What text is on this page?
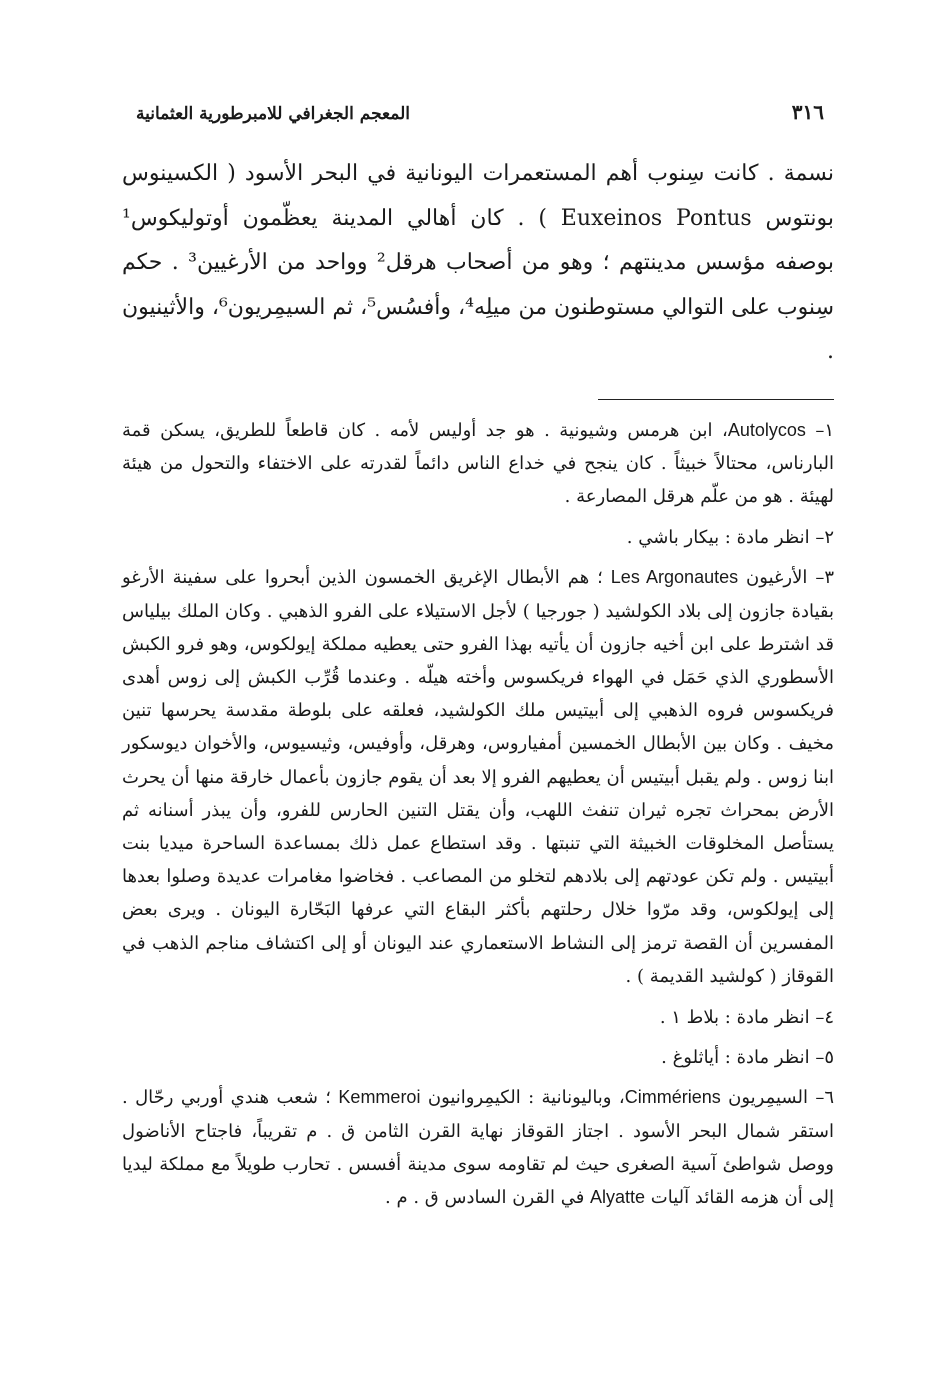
٣١٦
المعجم الجغرافي للامبرطورية العثمانية

نسمة . كانت سِنوب أهم المستعمرات اليونانية في البحر الأسود ( الكسينوس بونتوس Euxeinos Pontus ) . كان أهالي المدينة يعظّمون أوتوليكوس¹ بوصفه مؤسس مدينتهم ؛ وهو من أصحاب هرقل² وواحد من الأرغيين³ . حكم سِنوب على التوالي مستوطنون من ميلِه⁴، وأفسُس⁵، ثم السيمِريون⁶، والأثينيون .

١– Autolycos، ابن هرمس وشيونية . هو جد أوليس لأمه . كان قاطعاً للطريق، يسكن قمة البارناس، محتالاً خبيثاً . كان ينجح في خداع الناس دائماً لقدرته على الاختفاء والتحول من هيئة لهيئة . هو من علّم هرقل المصارعة .

٢– انظر مادة : بيكار باشي .

٣– الأرغيون Les Argonautes ؛ هم الأبطال الإغريق الخمسون الذين أبحروا على سفينة الأرغو بقيادة جازون إلى بلاد الكولشيد ( جورجيا ) لأجل الاستيلاء على الفرو الذهبي . وكان الملك بيلياس قد اشترط على ابن أخيه جازون أن يأتيه بهذا الفرو حتى يعطيه مملكة إيولكوس، وهو فرو الكبش الأسطوري الذي حَمَل في الهواء فريكسوس وأخته هيلّه . وعندما قُرِّب الكبش إلى زوس أهدى فريكسوس فروه الذهبي إلى أبيتيس ملك الكولشيد، فعلقه على بلوطة مقدسة يحرسها تنين مخيف . وكان بين الأبطال الخمسين أمفياروس، وهرقل، وأوفيس، وثيسيوس، والأخوان ديوسكور ابنا زوس . ولم يقبل أبيتيس أن يعطيهم الفرو إلا بعد أن يقوم جازون بأعمال خارقة منها أن يحرث الأرض بمحراث تجره ثيران تنفث اللهب، وأن يقتل التنين الحارس للفرو، وأن يبذر أسنانه ثم يستأصل المخلوقات الخبيثة التي تنبتها . وقد استطاع عمل ذلك بمساعدة الساحرة ميديا بنت أبيتيس . ولم تكن عودتهم إلى بلادهم لتخلو من المصاعب . فخاضوا مغامرات عديدة وصلوا بعدها إلى إيولكوس، وقد مرّوا خلال رحلتهم بأكثر البقاع التي عرفها البَحّارة اليونان . ويرى بعض المفسرين أن القصة ترمز إلى النشاط الاستعماري عند اليونان أو إلى اكتشاف مناجم الذهب في القوقاز ( كولشيد القديمة ) .

٤– انظر مادة : بلاط ١ .

٥– انظر مادة : أياثلوغ .

٦– السيمِريون Cimmériens، وباليونانية : الكيمِروانيون Kemmeroi ؛ شعب هندي أوربي رحّال . استقر شمال البحر الأسود . اجتاز القوقاز نهاية القرن الثامن ق . م تقريباً، فاجتاح الأناضول ووصل شواطئ آسية الصغرى حيث لم تقاومه سوى مدينة أفسس . تحارب طويلاً مع مملكة ليديا إلى أن هزمه القائد آليات Alyatte في القرن السادس ق . م .
